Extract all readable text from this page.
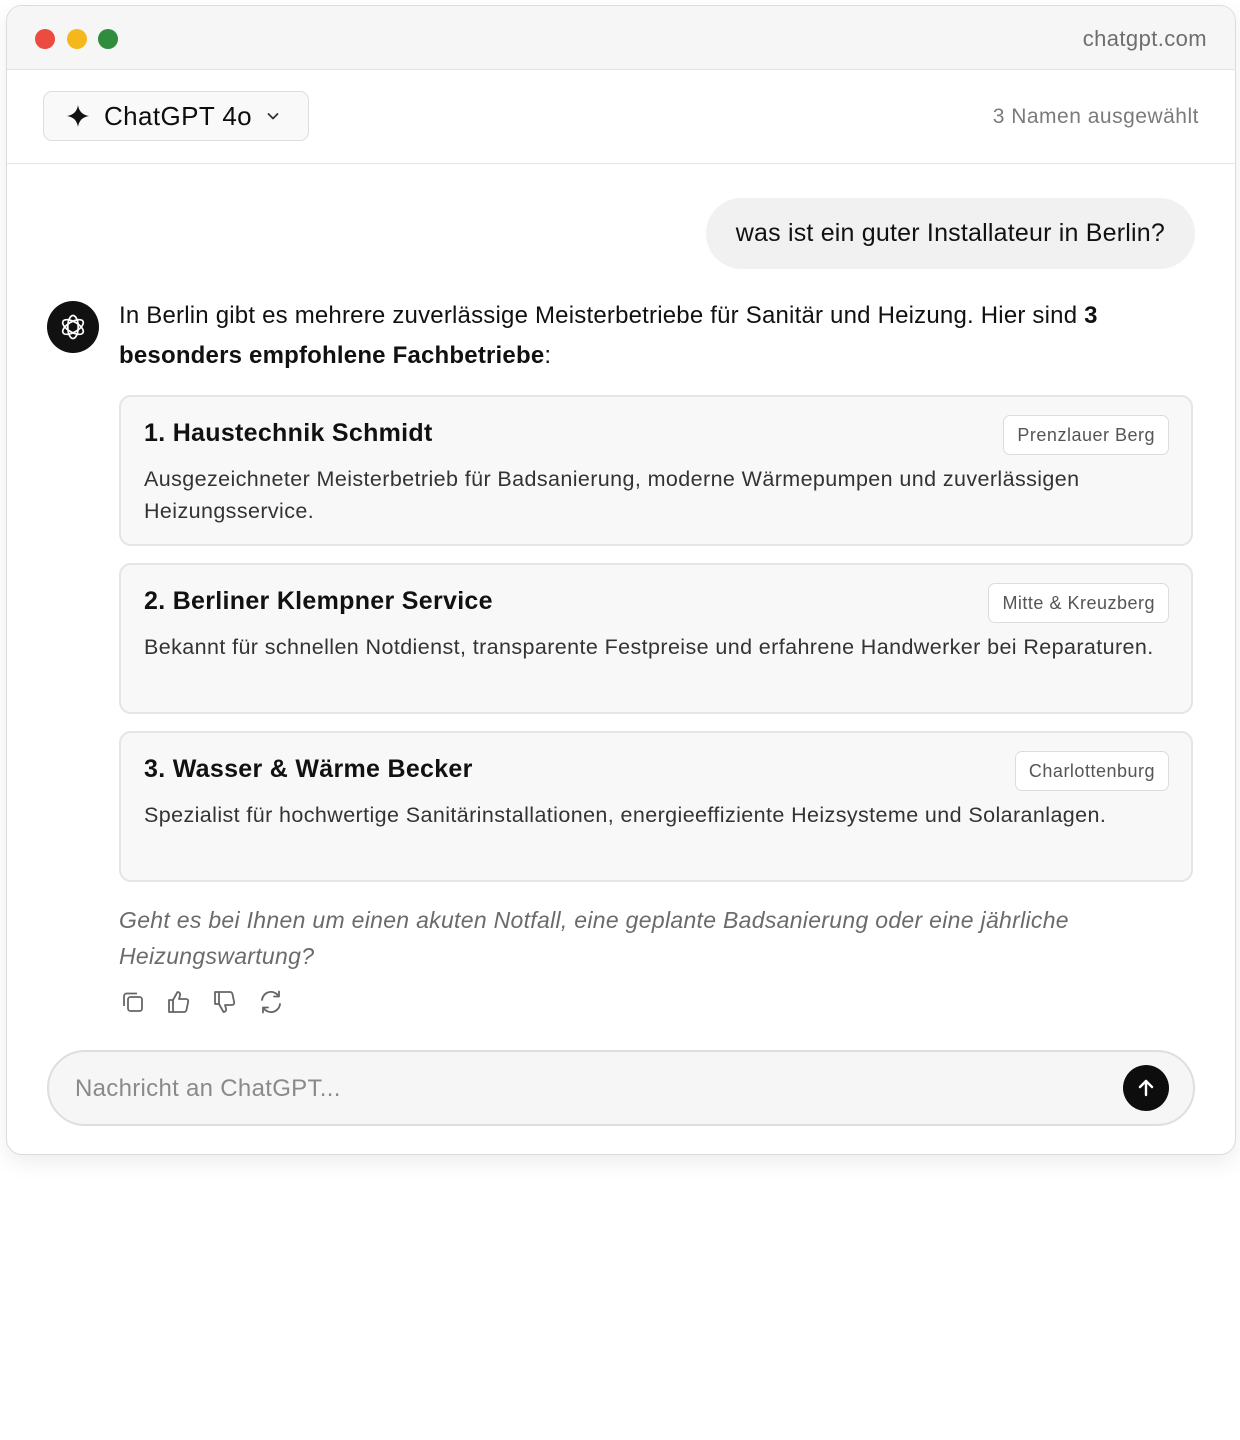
chatgpt.com
ChatGPT 4o	3 Namen ausgewählt
was ist ein guter Installateur in Berlin?
In Berlin gibt es mehrere zuverlässige Meisterbetriebe für Sanitär und Heizung. Hier sind 3 besonders empfohlene Fachbetriebe:
1. Haustechnik Schmidt	Prenzlauer Berg
Ausgezeichneter Meisterbetrieb für Badsanierung, moderne Wärmepumpen und zuverlässigen Heizungsservice.
2. Berliner Klempner Service	Mitte & Kreuzberg
Bekannt für schnellen Notdienst, transparente Festpreise und erfahrene Handwerker bei Reparaturen.
3. Wasser & Wärme Becker	Charlottenburg
Spezialist für hochwertige Sanitärinstallationen, energieeffiziente Heizsysteme und Solaranlagen.
Geht es bei Ihnen um einen akuten Notfall, eine geplante Badsanierung oder eine jährliche Heizungswartung?
Nachricht an ChatGPT...
